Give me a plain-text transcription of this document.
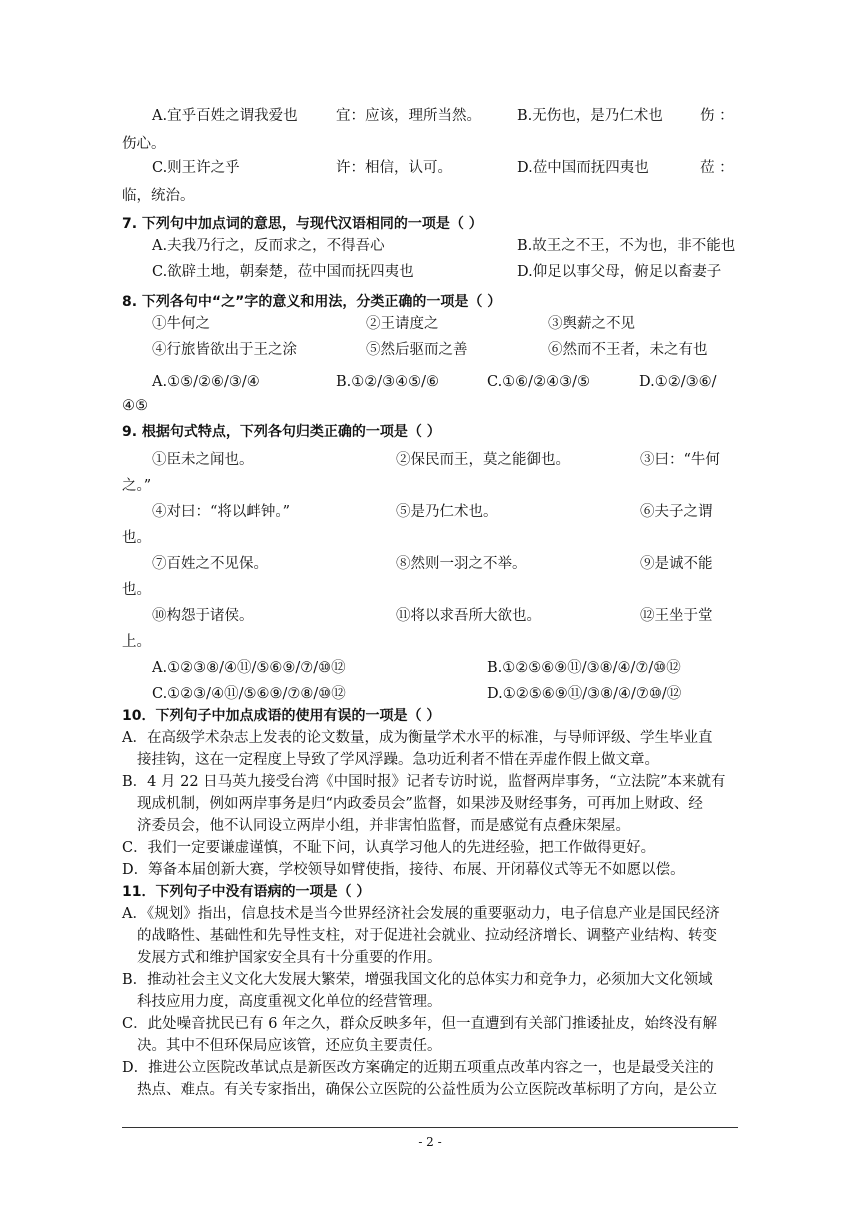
A.宜乎百姓之谓我爱也	宜：应该，理所当然。 B.无伤也，是乃仁术也	伤 ：
伤心。
C.则王许之乎	许：相信，认可。	D.莅中国而抚四夷也	莅 ：
临，统治。
7. 下列句中加点词的意思，与现代汉语相同的一项是（ ）
A.夫我乃行之，反而求之，不得吾心	B.故王之不王，不为也，非不能也
C.欲辟土地，朝秦楚，莅中国而抚四夷也	D.仰足以事父母，俯足以畜妻子
8. 下列各句中“之”字的意义和用法，分类正确的一项是（ ）
①牛何之	②王请度之	③舆薪之不见
④行旅皆欲出于王之涂	⑤然后驱而之善	⑥然而不王者，未之有也
A.①⑤/②⑥/③/④	B.①②/③④⑤/⑥	C.①⑥/②④③/⑤	D.①②/③⑥/
④⑤
9. 根据句式特点，下列各句归类正确的一项是（ ）
①臣未之闻也。	②保民而王，莫之能御也。	③曰：“牛何
之。”
④对曰：“将以衅钟。”	⑤是乃仁术也。	⑥夫子之谓
也。
⑦百姓之不见保。	⑧然则一羽之不举。	⑨是诚不能
也。
⑩构怨于诸侯。	⑪将以求吾所大欲也。	⑫王坐于堂
上。
A.①②③⑧/④⑪/⑤⑥⑨/⑦/⑩⑫	B.①②⑤⑥⑨⑪/③⑧/④/⑦/⑩⑫
C.①②③/④⑪/⑤⑥⑨/⑦⑧/⑩⑫	D.①②⑤⑥⑨⑪/③⑧/④/⑦⑩/⑫
10．下列句子中加点成语的使用有误的一项是（ ）
A．在高级学术杂志上发表的论文数量，成为衡量学术水平的标准，与导师评级、学生毕业直
接挂钩，这在一定程度上导致了学风浮躁。急功近利者不惜在弄虚作假上做文章。
B．4 月 22 日马英九接受台湾《中国时报》记者专访时说，监督两岸事务，“立法院”本来就有
现成机制，例如两岸事务是归“内政委员会”监督，如果涉及财经事务，可再加上财政、经
济委员会，他不认同设立两岸小组，并非害怕监督，而是感觉有点叠床架屋。
C．我们一定要谦虚谨慎，不耻下问，认真学习他人的先进经验，把工作做得更好。
D．筹备本届创新大赛，学校领导如臂使指，接待、布展、开闭幕仪式等无不如愿以偿。
11．下列句子中没有语病的一项是（ ）
A．《规划》指出，信息技术是当今世界经济社会发展的重要驱动力，电子信息产业是国民经济
的战略性、基础性和先导性支柱，对于促进社会就业、拉动经济增长、调整产业结构、转变
发展方式和维护国家安全具有十分重要的作用。
B．推动社会主义文化大发展大繁荣，增强我国文化的总体实力和竞争力，必须加大文化领域
科技应用力度，高度重视文化单位的经营管理。
C．此处噪音扰民已有 6 年之久，群众反映多年，但一直遭到有关部门推诿扯皮，始终没有解
决。其中不但环保局应该管，还应负主要责任。
D．推进公立医院改革试点是新医改方案确定的近期五项重点改革内容之一，也是最受关注的
热点、难点。有关专家指出，确保公立医院的公益性质为公立医院改革标明了方向，是公立
- 2 -
